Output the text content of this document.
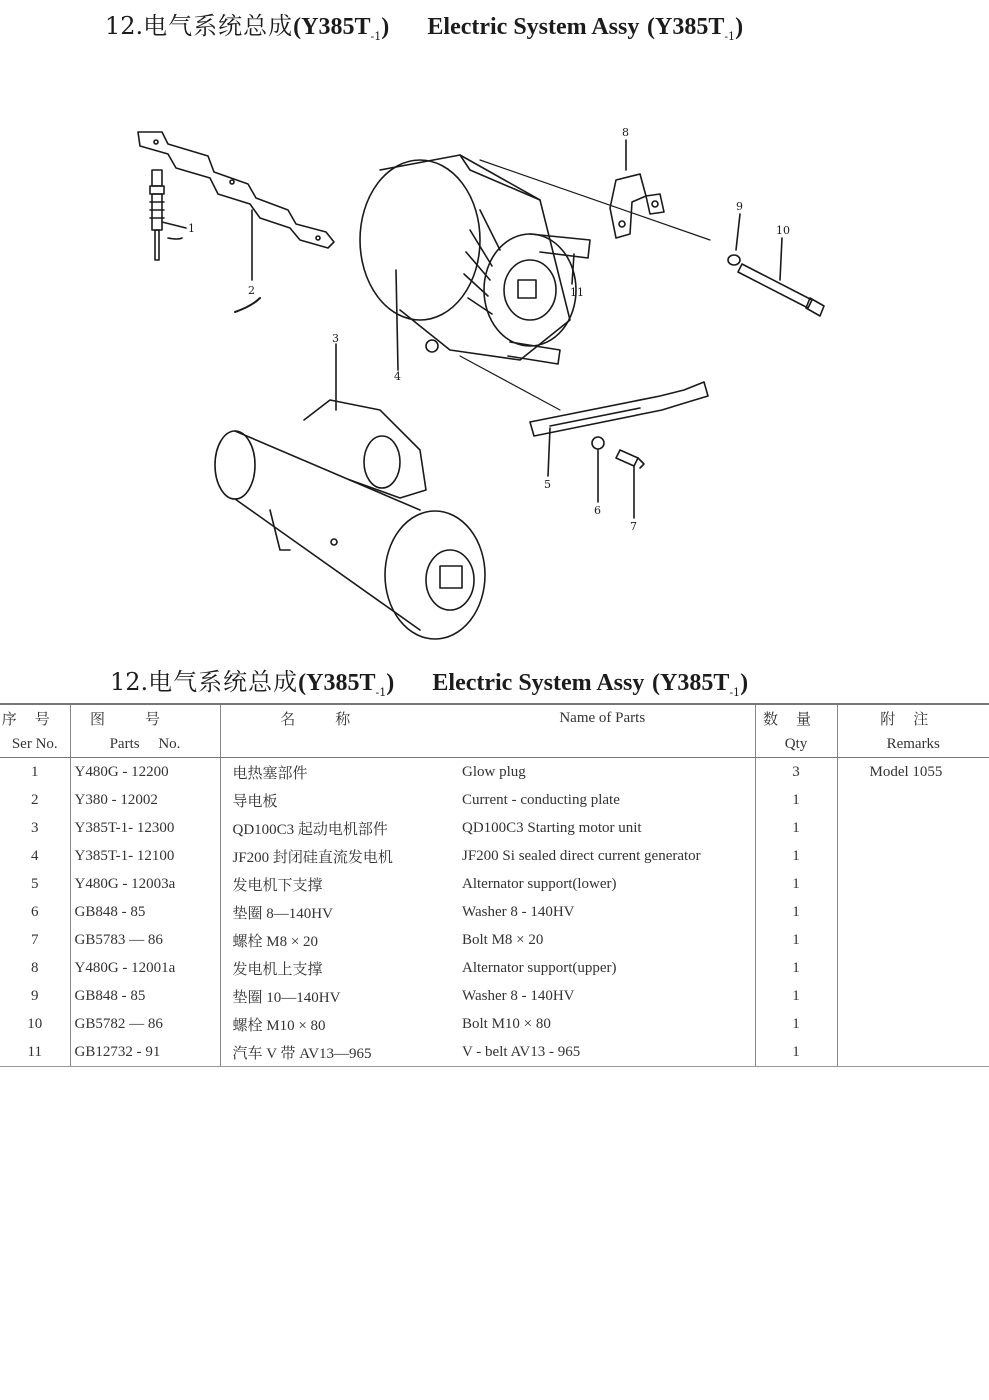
12.电气系统总成$(Y385T_{-1})$ Electric System Assy $(Y385T_{-1})$
1
2
3
4
5
6
7
8
9
10
11
12.电气系统总成$(Y385T_{-1})$ Electric System Assy $(Y385T_{-1})$
序号	图号	名称	Name of Parts	数量	附注
Ser No.	Parts No.			Qty	Remarks
1	Y480G - 12200	电热塞部件	Glow plug	3	Model 1055
2	Y380 - 12002	导电板	Current - conducting plate	1	
3	Y385T-1- 12300	QD100C3 起动电机部件	QD100C3 Starting motor unit	1	
4	Y385T-1- 12100	JF200 封闭硅直流发电机	JF200 Si sealed direct current generator	1	
5	Y480G - 12003a	发电机下支撑	Alternator support(lower)	1	
6	GB848 - 85	垫圈 8—140HV	Washer 8 - 140HV	1	
7	GB5783 — 86	螺栓 M8 × 20	Bolt M8 × 20	1	
8	Y480G - 12001a	发电机上支撑	Alternator support(upper)	1	
9	GB848 - 85	垫圈 10—140HV	Washer 8 - 140HV	1	
10	GB5782 — 86	螺栓 M10 × 80	Bolt M10 × 80	1	
11	GB12732 - 91	汽车 V 带 AV13—965	V - belt AV13 - 965	1	
